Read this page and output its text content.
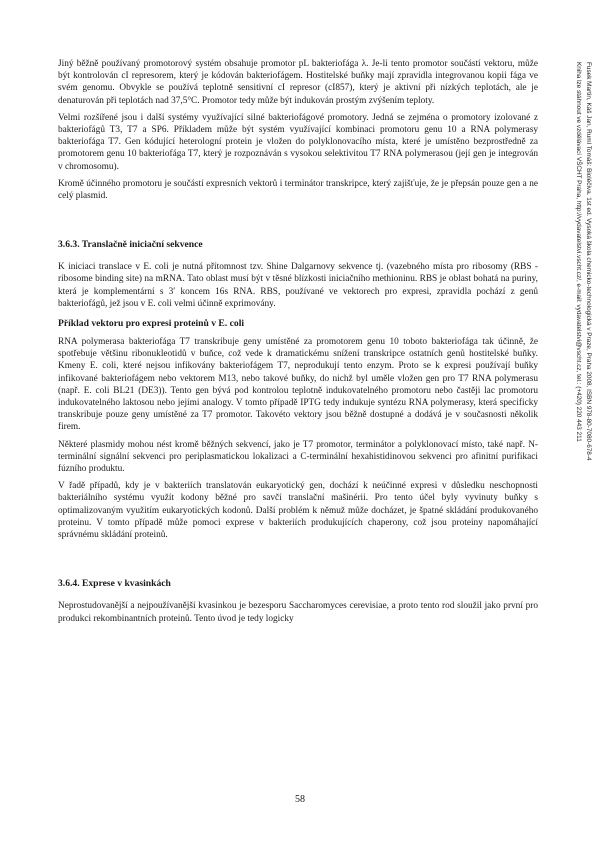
Jiný běžně používaný promotorový systém obsahuje promotor pL bakteriofága λ. Je-li tento promotor součástí vektoru, může být kontrolován cI represorem, který je kódován bakteriofágem. Hostitelské buňky mají zpravidla integrovanou kopii fága ve svém genomu. Obvykle se používá teplotně sensitivní cI represor (cI857), který je aktivní při nízkých teplotách, ale je denaturován při teplotách nad 37,5°C. Promotor tedy může být indukován prostým zvýšením teploty.

Velmi rozšířené jsou i další systémy využívající silné bakteriofágové promotory. Jedná se zejména o promotory izolované z bakteriofágů T3, T7 a SP6. Příkladem může být systém využívající kombinaci promotoru genu 10 a RNA polymerasy bakteriofága T7. Gen kódující heterologní protein je vložen do polyklonovacího místa, které je umístěno bezprostředně za promotorem genu 10 bakteriofága T7, který je rozpoznáván s vysokou selektivitou T7 RNA polymerasou (její gen je integrován v chromosomu).

Kromě účinného promotoru je součástí expresních vektorů i terminátor transkripce, který zajišťuje, že je přepsán pouze gen a ne celý plasmid.

3.6.3. Translačně iniciační sekvence

K iniciaci translace v E. coli je nutná přítomnost tzv. Shine Dalgarnovy sekvence tj. (vazebného místa pro ribosomy (RBS - ribosome binding site) na mRNA. Tato oblast musí být v těsné blízkosti iniciačního methioninu. RBS je oblast bohatá na puriny, která je komplementární s 3′ koncem 16s RNA. RBS, používané ve vektorech pro expresi, zpravidla pochází z genů bakteriofágů, jež jsou v E. coli velmi účinně exprimovány.

Příklad vektoru pro expresi proteinů v E. coli

RNA polymerasa bakteriofága T7 transkribuje geny umístěné za promotorem genu 10 toboto bakteriofága tak účinně, že spotřebuje většinu ribonukleotidů v buňce, což vede k dramatickému snížení transkripce ostatních genů hostitelské buňky. Kmeny E. coli, které nejsou infikovány bakteriofágem T7, neprodukují tento enzym. Proto se k expresi používají buňky infikované bakteriofágem nebo vektorem M13, nebo takové buňky, do nichž byl uměle vložen gen pro T7 RNA polymerasu (např. E. coli BL21 (DE3)). Tento gen bývá pod kontrolou teplotně indukovatelného promotoru nebo častěji lac promotoru indukovatelného laktosou nebo jejími analogy. V tomto případě IPTG tedy indukuje syntézu RNA polymerasy, která specificky transkribuje pouze geny umístěné za T7 promotor. Takovéto vektory jsou běžně dostupné a dodává je v současnosti několik firem.

Některé plasmidy mohou nést kromě běžných sekvencí, jako je T7 promotor, terminátor a polyklonovací místo, také např. N-terminální signální sekvenci pro periplasmatickou lokalizaci a C-terminální hexahistidinovou sekvenci pro afinitní purifikaci fúzního produktu.

V řadě případů, kdy je v bakteriích translatován eukaryotický gen, dochází k neúčinné expresi v důsledku neschopnosti bakteriálního systému využít kodony běžné pro savčí translační mašinérii. Pro tento účel byly vyvinuty buňky s optimalizovaným využitím eukaryotických kodonů. Další problém k němuž může docházet, je špatné skládání produkovaného proteinu. V tomto případě může pomoci exprese v bakteriích produkujících chaperony, což jsou proteiny napomáhající správnému skládání proteinů.

3.6.4. Exprese v kvasinkách

Neprostudovanější a nejpoužívanější kvasinkou je bezesporu Saccharomyces cerevisiae, a proto tento rod sloužil jako první pro produkci rekombinantních proteinů. Tento úvod je tedy logicky

Fusek Martin, Káš Jan, Ruml Tomáš: Bioléčiva. 1st ed. Vysoká škola chemicko-technologická v Praze, Praha 2008, ISBN 978-80-7080-678-4
Kniha lze stáhnout ve vzdělávací VŠCHT Praha, http://vydavatelstvi.vscht.cz/, e-mail: vydavatelstvi@vscht.cz, tel.: (+420) 220 443 211
58
